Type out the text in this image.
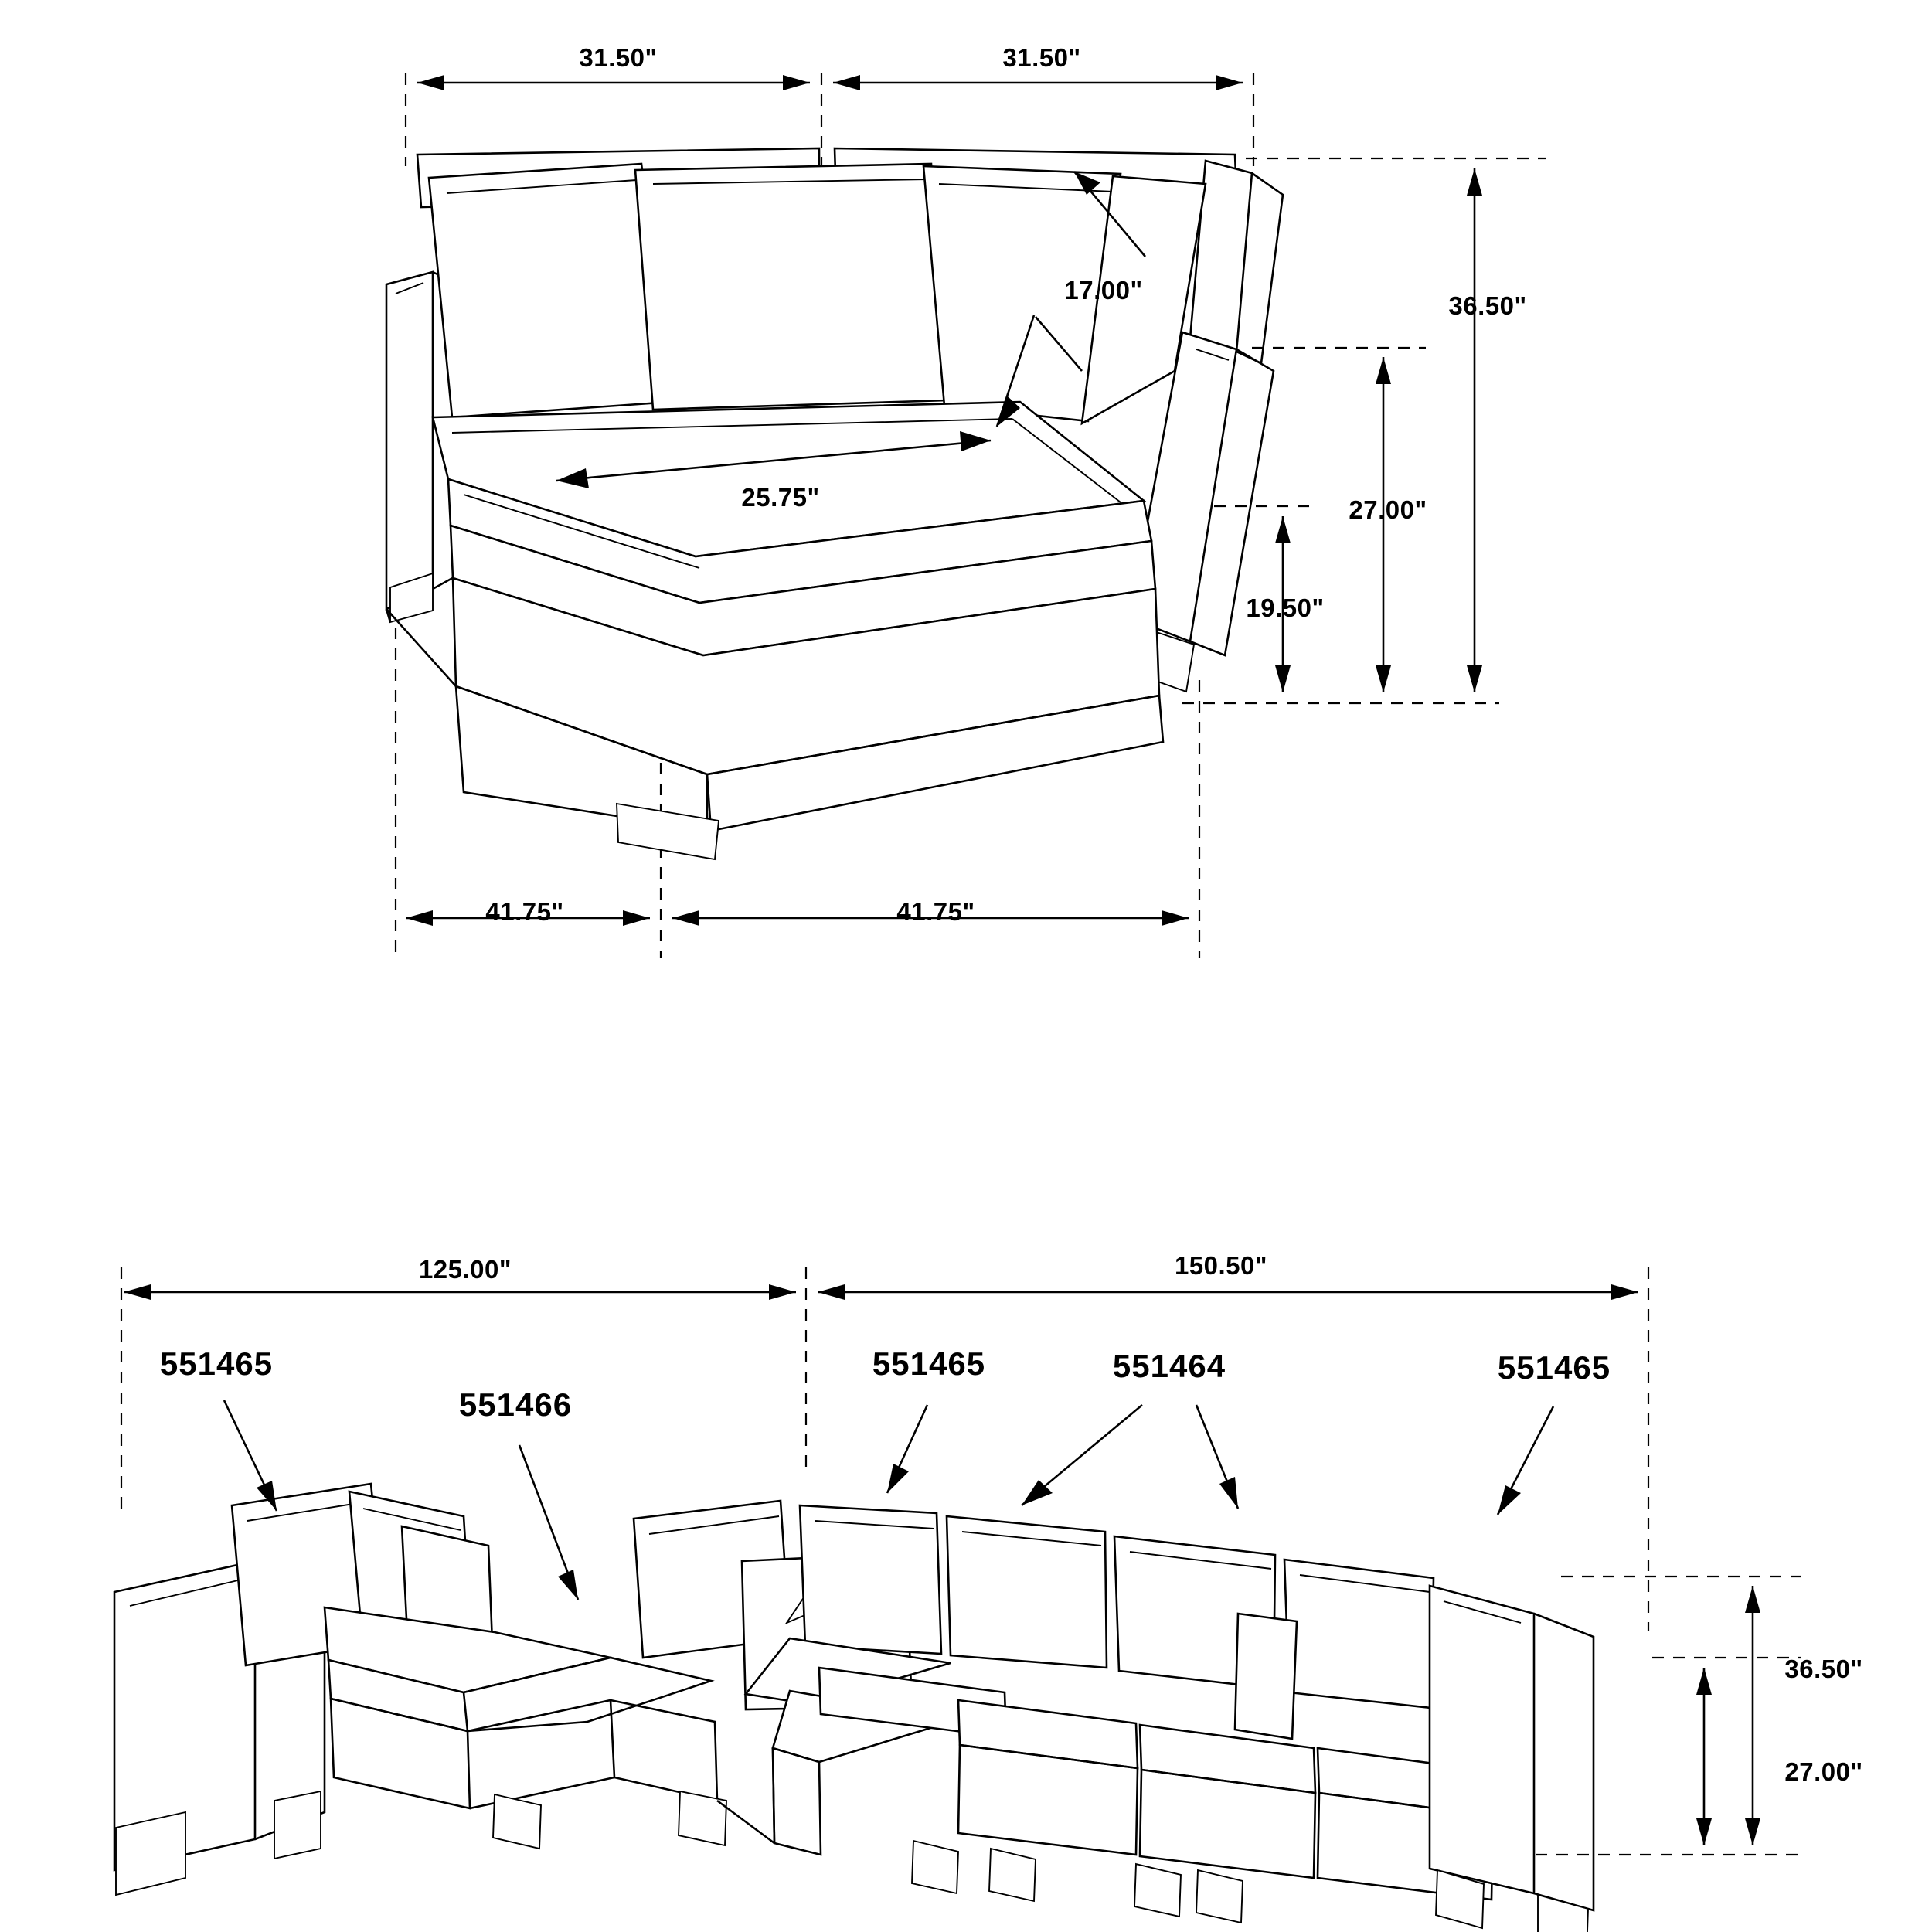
31.50"	31.50"
17.00"
25.75"
36.50"
27.00"
19.50"
41.75"	41.75"
125.00"	150.50"
36.50"
27.00"
551465
551466
551465	551464	551465
